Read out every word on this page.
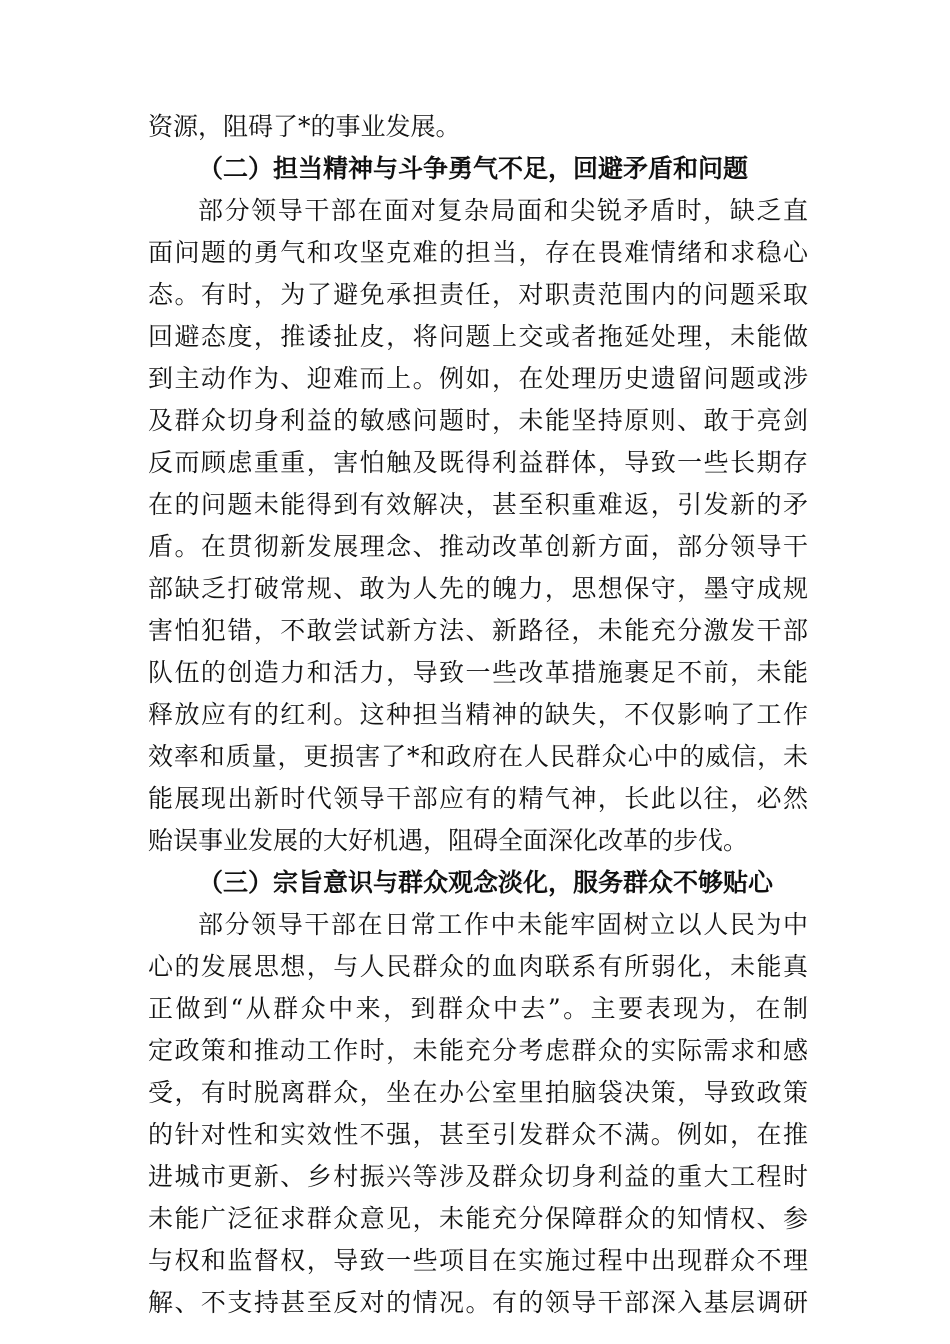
资源，阻碍了*的事业发展。
（二）担当精神与斗争勇气不足，回避矛盾和问题
部分领导干部在面对复杂局面和尖锐矛盾时，缺乏直
面问题的勇气和攻坚克难的担当，存在畏难情绪和求稳心
态。有时，为了避免承担责任，对职责范围内的问题采取
回避态度，推诿扯皮，将问题上交或者拖延处理，未能做
到主动作为、迎难而上。例如，在处理历史遗留问题或涉
及群众切身利益的敏感问题时，未能坚持原则、敢于亮剑
反而顾虑重重，害怕触及既得利益群体，导致一些长期存
在的问题未能得到有效解决，甚至积重难返，引发新的矛
盾。在贯彻新发展理念、推动改革创新方面，部分领导干
部缺乏打破常规、敢为人先的魄力，思想保守，墨守成规
害怕犯错，不敢尝试新方法、新路径，未能充分激发干部
队伍的创造力和活力，导致一些改革措施裹足不前，未能
释放应有的红利。这种担当精神的缺失，不仅影响了工作
效率和质量，更损害了*和政府在人民群众心中的威信，未
能展现出新时代领导干部应有的精气神，长此以往，必然
贻误事业发展的大好机遇，阻碍全面深化改革的步伐。
（三）宗旨意识与群众观念淡化，服务群众不够贴心
部分领导干部在日常工作中未能牢固树立以人民为中
心的发展思想，与人民群众的血肉联系有所弱化，未能真
正做到“从群众中来，到群众中去”。主要表现为，在制
定政策和推动工作时，未能充分考虑群众的实际需求和感
受，有时脱离群众，坐在办公室里拍脑袋决策，导致政策
的针对性和实效性不强，甚至引发群众不满。例如，在推
进城市更新、乡村振兴等涉及群众切身利益的重大工程时
未能广泛征求群众意见，未能充分保障群众的知情权、参
与权和监督权，导致一些项目在实施过程中出现群众不理
解、不支持甚至反对的情况。有的领导干部深入基层调研
